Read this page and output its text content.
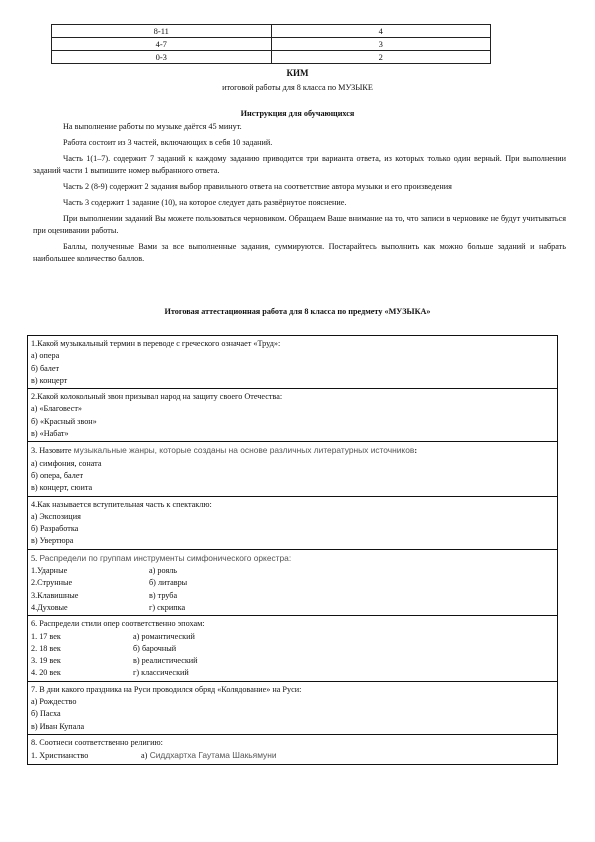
8-11	4
4-7	3
0-3	2
КИМ
итоговой работы для 8 класса по МУЗЫКЕ
Инструкция для обучающихся

На выполнение работы по музыке даётся 45 минут.

Работа состоит из 3 частей, включающих в себя 10 заданий.

Часть 1(1–7). содержит 7 заданий к каждому заданию приводится три варианта ответа, из которых только один верный. При выполнении заданий части 1 выпишите номер выбранного ответа.

Часть 2 (8-9) содержит 2 задания выбор правильного ответа на соответствие автора музыки и его произведения

Часть 3 содержит 1 задание (10), на которое следует дать развёрнутое пояснение.

При выполнении заданий Вы можете пользоваться черновиком. Обращаем Ваше внимание на то, что записи в черновике не будут учитываться при оценивании работы.

Баллы, полученные Вами за все выполненные задания, суммируются. Постарайтесь выполнить как можно больше заданий и набрать наибольшее количество баллов.

Итоговая аттестационная работа для 8 класса по предмету «МУЗЫКА»
1.Какой музыкальный термин в переводе с греческого означает «Труд»:
а) опера
б) балет
в) концерт

2.Какой колокольный звон призывал народ на защиту своего Отечества:
а) «Благовест»
б) «Красный звон»
в) «Набат»

3. Назовите музыкальные жанры, которые созданы на основе различных литературных источников:
а) симфония, соната
б) опера, балет
в) концерт, сюита

4.Как называется вступительная часть к спектаклю:
а) Экспозиция
б) Разработка
в) Увертюра

5. Распредели по группам инструменты симфонического оркестра:
1.Ударные	а) рояль
2.Струнные	б) литавры
3.Клавишные	в) труба
4.Духовые	г) скрипка

6. Распредели стили опер соответственно эпохам:
1. 17 век	а) романтический
2. 18 век	б) барочный
3. 19 век	в) реалистический
4. 20 век	г) классический

7. В дни какого праздника на Руси проводился обряд «Колядование» на Руси:
а) Рождество
б) Пасха
в) Иван Купала

8. Соотнеси соответственно религию:
1. Христианство	а) Сиддхартха Гаутама Шакьямуни
